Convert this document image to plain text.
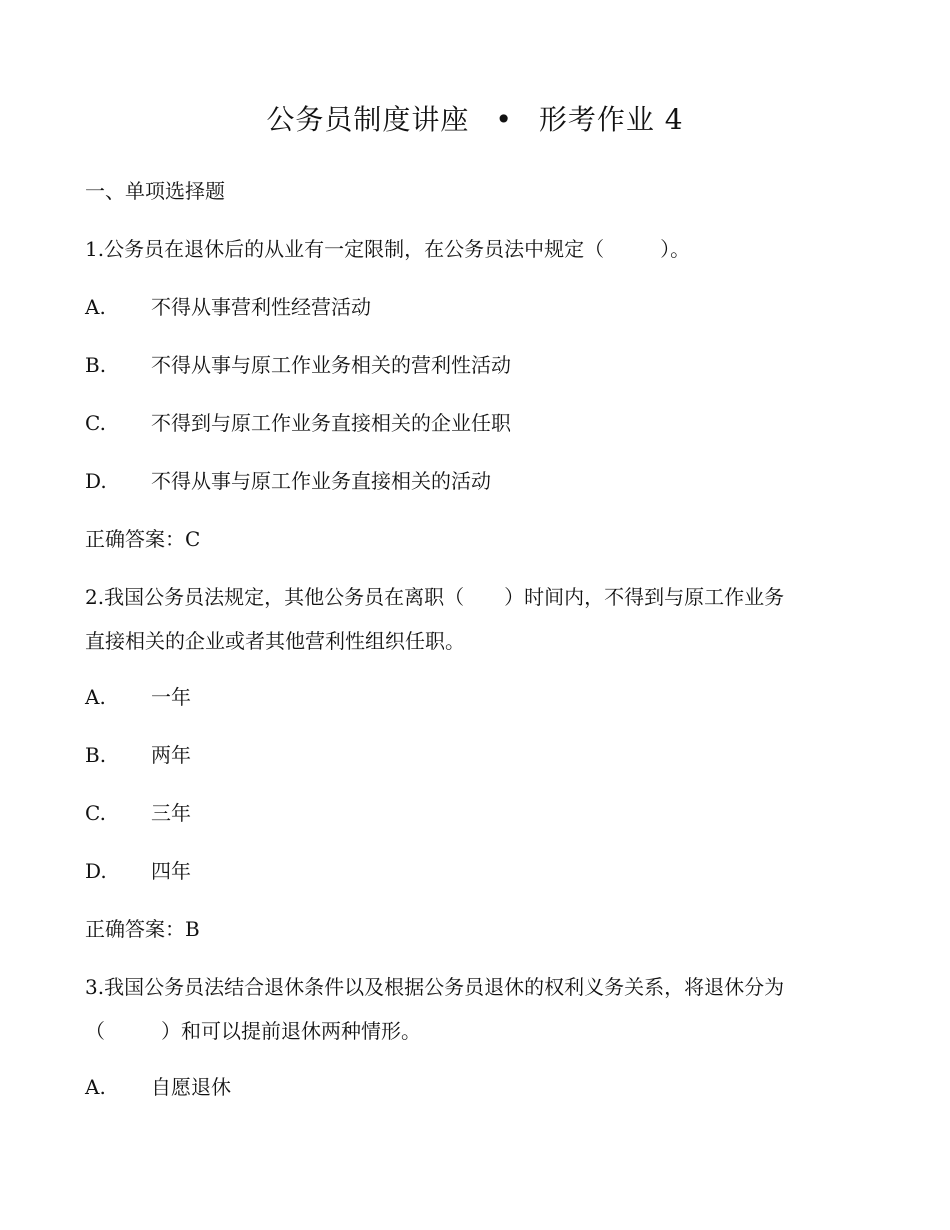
公务员制度讲座 • 形考作业 4
一、单项选择题
1.公务员在退休后的从业有一定限制，在公务员法中规定（	）。
A. 不得从事营利性经营活动
B. 不得从事与原工作业务相关的营利性活动
C. 不得到与原工作业务直接相关的企业任职
D. 不得从事与原工作业务直接相关的活动
正确答案：C
2.我国公务员法规定，其他公务员在离职（ ）时间内，不得到与原工作业务
直接相关的企业或者其他营利性组织任职。
A. 一年
B. 两年
C. 三年
D. 四年
正确答案：B
3.我国公务员法结合退休条件以及根据公务员退休的权利义务关系，将退休分为
（	）和可以提前退休两种情形。
A. 自愿退休
